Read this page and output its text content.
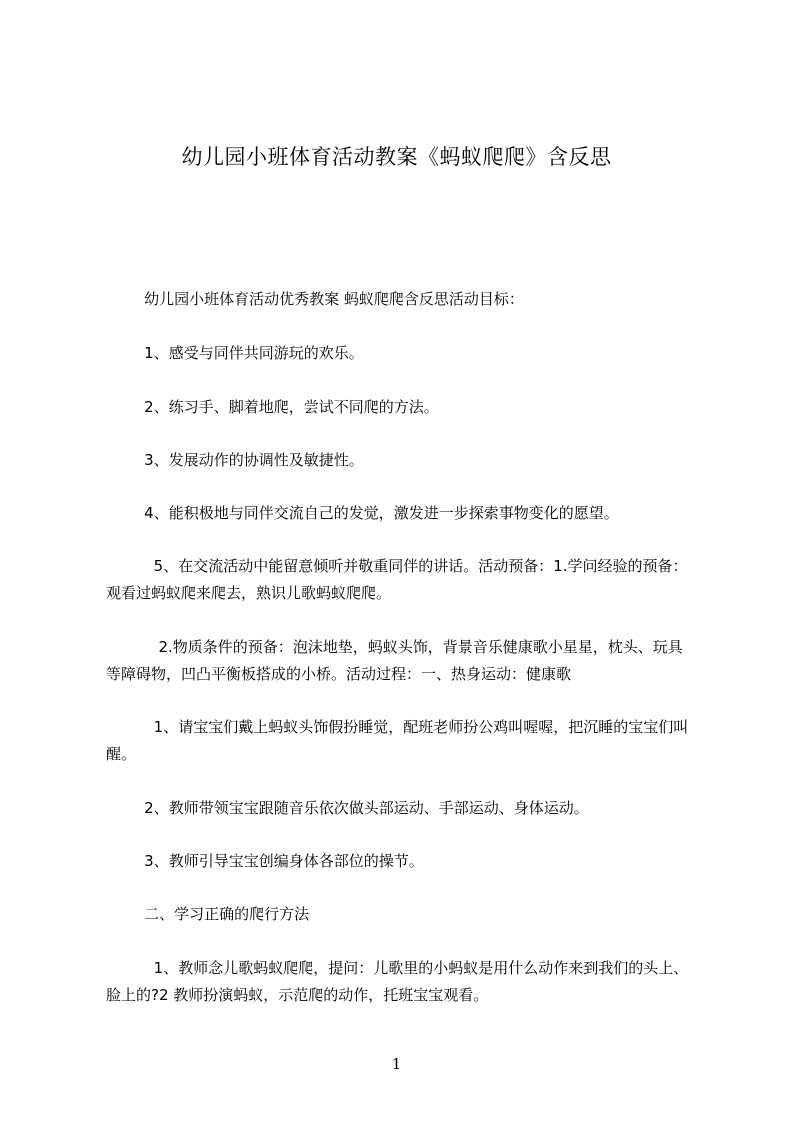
幼儿园小班体育活动教案《蚂蚁爬爬》含反思
幼儿园小班体育活动优秀教案 蚂蚁爬爬含反思活动目标：
1、感受与同伴共同游玩的欢乐。
2、练习手、脚着地爬，尝试不同爬的方法。
3、发展动作的协调性及敏捷性。
4、能积极地与同伴交流自己的发觉，激发进一步探索事物变化的愿望。
5、在交流活动中能留意倾听并敬重同伴的讲话。活动预备：1.学问经验的预备：
观看过蚂蚁爬来爬去，熟识儿歌蚂蚁爬爬。
2.物质条件的预备：泡沫地垫，蚂蚁头饰，背景音乐健康歌小星星，枕头、玩具
等障碍物，凹凸平衡板搭成的小桥。活动过程：一、热身运动：健康歌
1、请宝宝们戴上蚂蚁头饰假扮睡觉，配班老师扮公鸡叫喔喔，把沉睡的宝宝们叫
醒。
2、教师带领宝宝跟随音乐依次做头部运动、手部运动、身体运动。
3、教师引导宝宝创编身体各部位的操节。
二、学习正确的爬行方法
1、教师念儿歌蚂蚁爬爬，提问：儿歌里的小蚂蚁是用什么动作来到我们的头上、
脸上的?2 教师扮演蚂蚁，示范爬的动作，托班宝宝观看。
1
